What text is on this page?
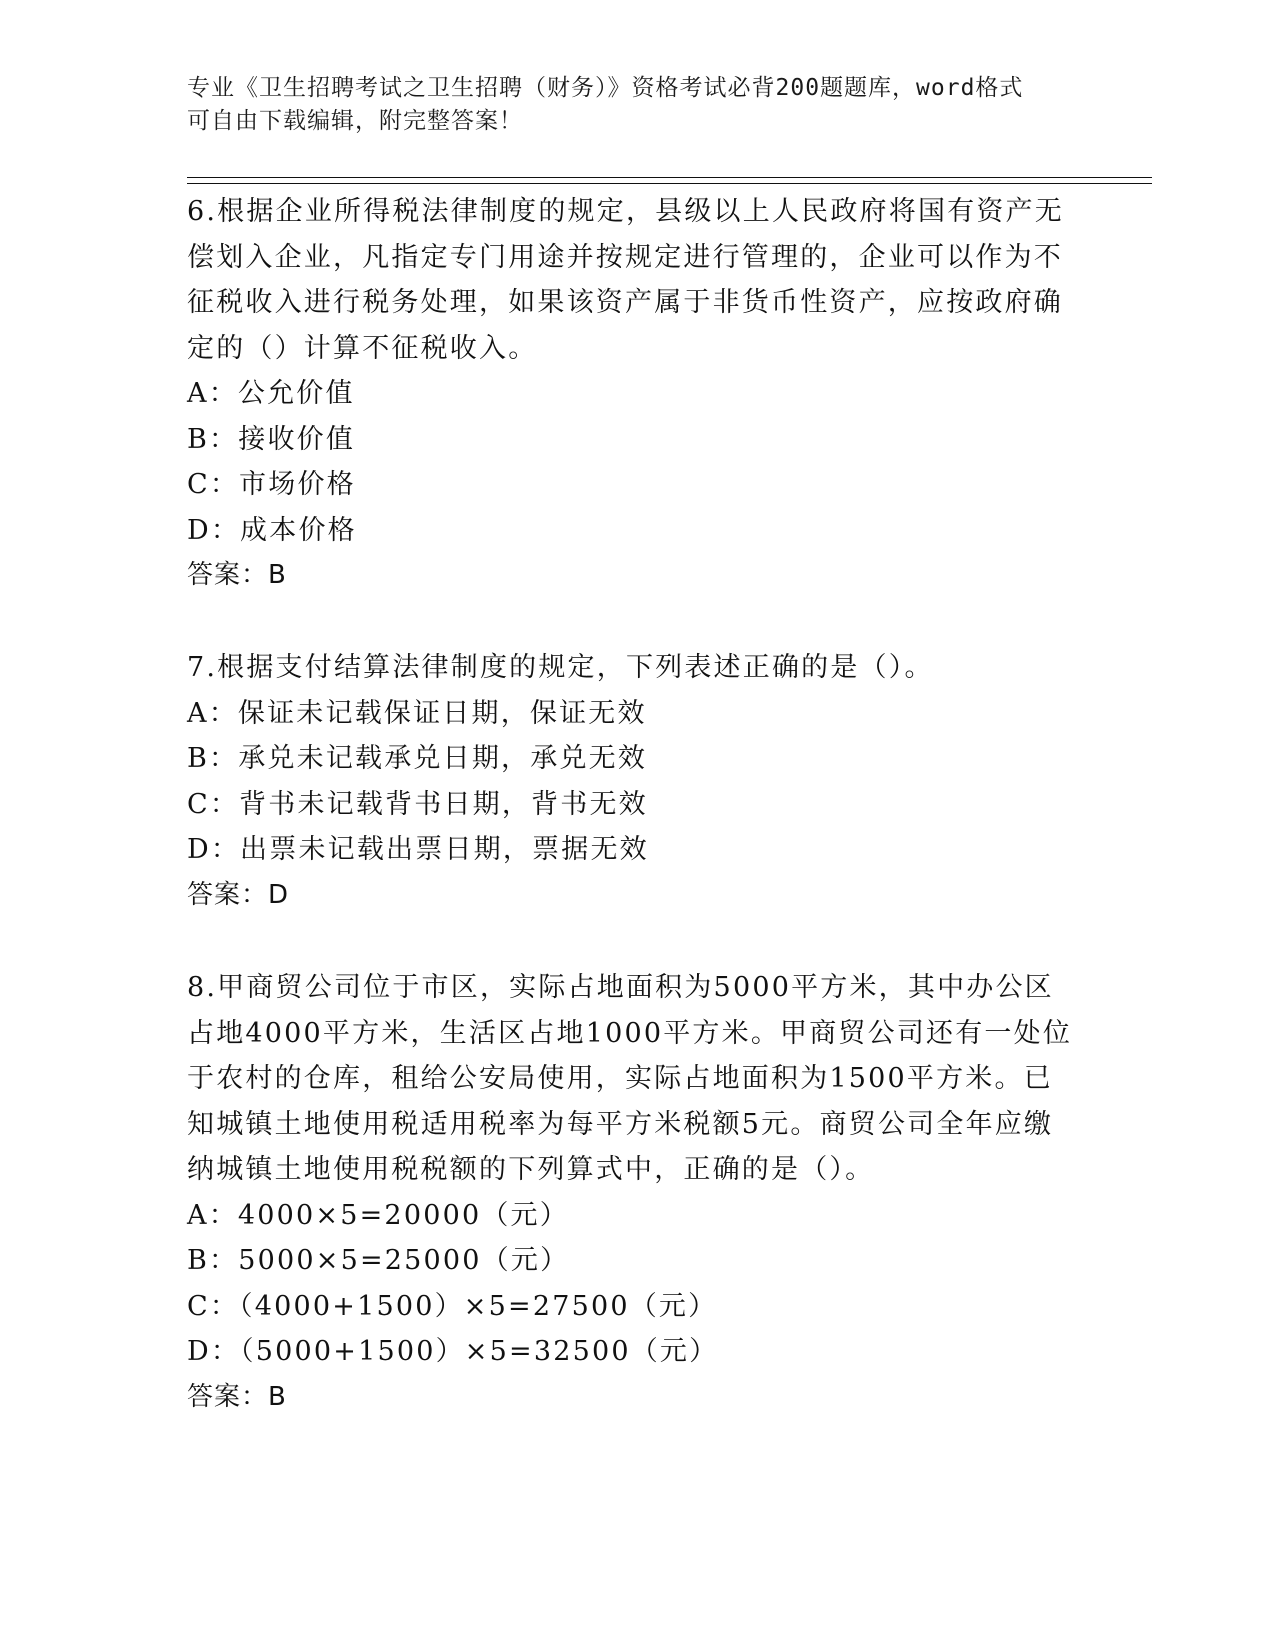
专业《卫生招聘考试之卫生招聘（财务）》资格考试必背200题题库，word格式
可自由下载编辑，附完整答案！

6.根据企业所得税法律制度的规定，县级以上人民政府将国有资产无偿划入企业，凡指定专门用途并按规定进行管理的，企业可以作为不征税收入进行税务处理，如果该资产属于非货币性资产，应按政府确定的（）计算不征税收入。

A：公允价值

B：接收价值

C：市场价格

D：成本价格

答案：B

7.根据支付结算法律制度的规定，下列表述正确的是（）。

A：保证未记载保证日期，保证无效

B：承兑未记载承兑日期，承兑无效

C：背书未记载背书日期，背书无效

D：出票未记载出票日期，票据无效

答案：D

8.甲商贸公司位于市区，实际占地面积为5000平方米，其中办公区占地4000平方米，生活区占地1000平方米。甲商贸公司还有一处位于农村的仓库，租给公安局使用，实际占地面积为1500平方米。已知城镇土地使用税适用税率为每平方米税额5元。商贸公司全年应缴纳城镇土地使用税税额的下列算式中，正确的是（）。

A：4000×5=20000（元）

B：5000×5=25000（元）

C：（4000+1500）×5=27500（元）

D：（5000+1500）×5=32500（元）

答案：B
